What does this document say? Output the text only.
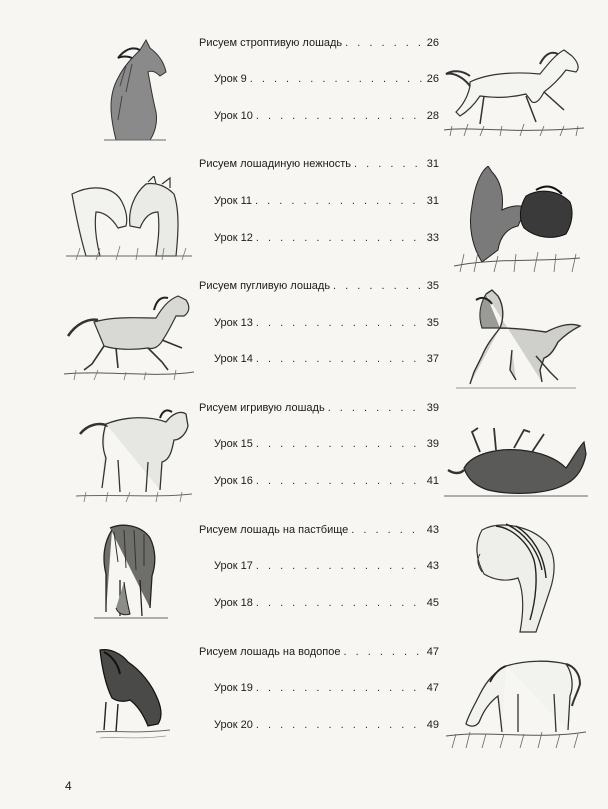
Рисуем строптивую лошадь . . .	26
Урок 9 . . .	26
Урок 10 . . .	28
Рисуем лошадиную нежность . . .	31
Урок 11 . . .	31
Урок 12 . . .	33
Рисуем пугливую лошадь . . .	35
Урок 13 . . .	35
Урок 14 . . .	37
Рисуем игривую лошадь . . .	39
Урок 15 . . .	39
Урок 16 . . .	41
Рисуем лошадь на пастбище . . .	43
Урок 17 . . .	43
Урок 18 . . .	45
Рисуем лошадь на водопое . . .	47
Урок 19 . . .	47
Урок 20 . . .	49
4
